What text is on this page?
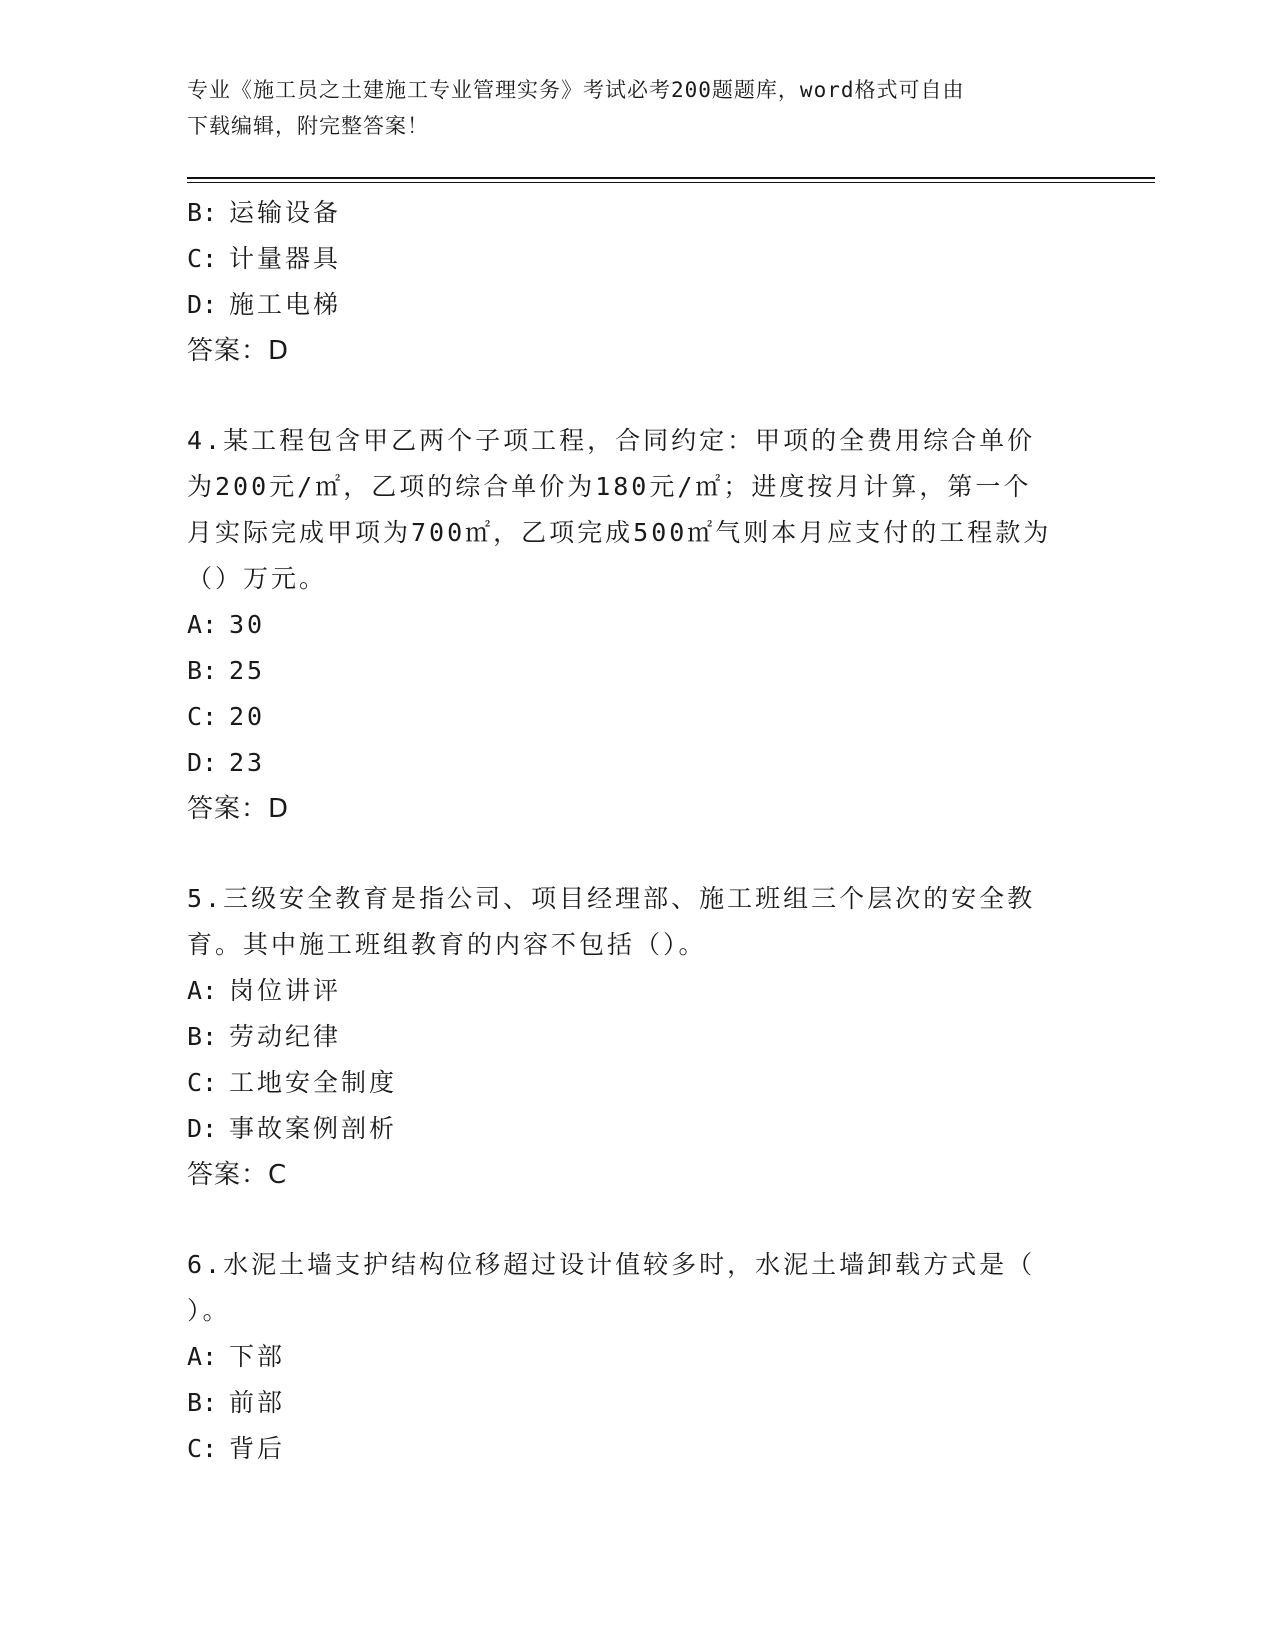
专业《施工员之土建施工专业管理实务》考试必考200题题库，word格式可自由
下载编辑，附完整答案！
B: 运输设备
C: 计量器具
D: 施工电梯
答案：D
4.某工程包含甲乙两个子项工程，合同约定：甲项的全费用综合单价
为200元/㎡，乙项的综合单价为180元/㎡；进度按月计算，第一个
月实际完成甲项为700㎡，乙项完成500㎡气则本月应支付的工程款为
（）万元。
A: 30
B: 25
C: 20
D: 23
答案：D
5.三级安全教育是指公司、项目经理部、施工班组三个层次的安全教
育。其中施工班组教育的内容不包括（）。
A: 岗位讲评
B: 劳动纪律
C: 工地安全制度
D: 事故案例剖析
答案：C
6.水泥土墙支护结构位移超过设计值较多时，水泥土墙卸载方式是（
）。
A: 下部
B: 前部
C: 背后
